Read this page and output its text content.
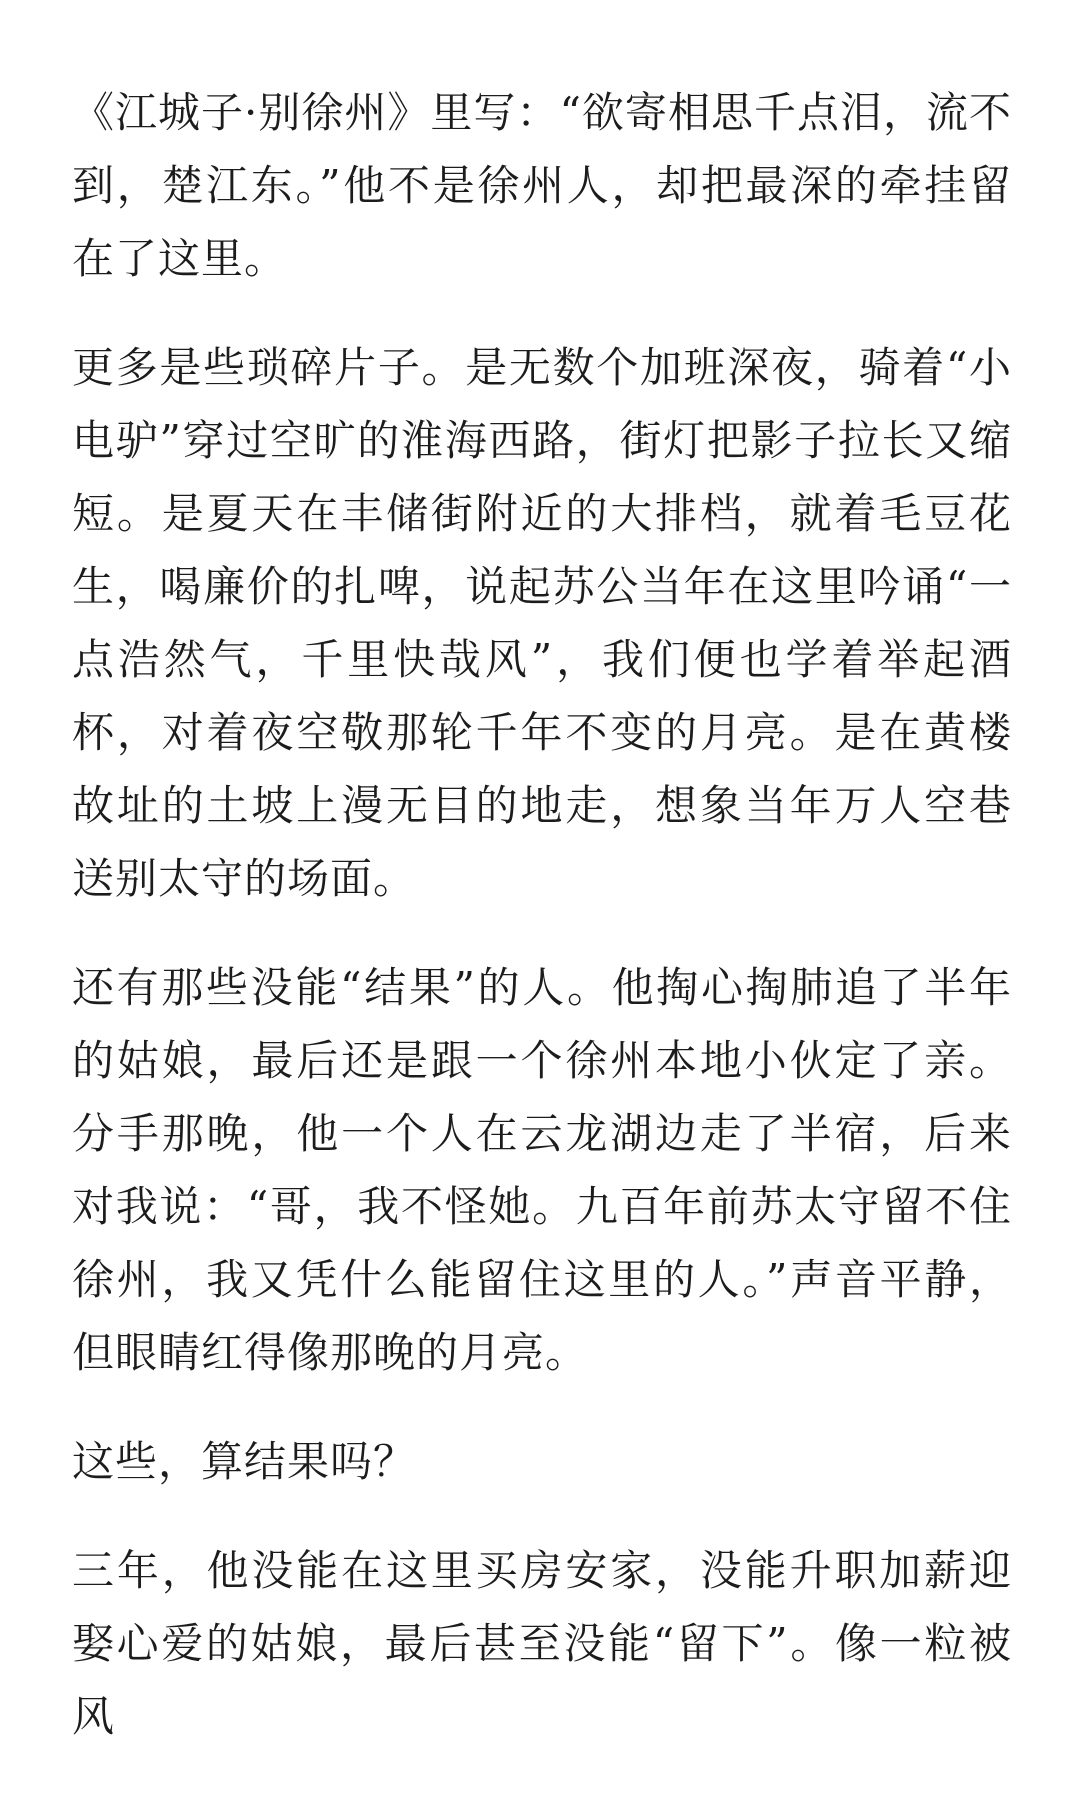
《江城子·别徐州》里写：“欲寄相思千点泪，流不到，楚江东。”他不是徐州人，却把最深的牵挂留在了这里。

更多是些琐碎片子。是无数个加班深夜，骑着“小电驴”穿过空旷的淮海西路，街灯把影子拉长又缩短。是夏天在丰储街附近的大排档，就着毛豆花生，喝廉价的扎啤，说起苏公当年在这里吟诵“一点浩然气，千里快哉风”，我们便也学着举起酒杯，对着夜空敬那轮千年不变的月亮。是在黄楼故址的土坡上漫无目的地走，想象当年万人空巷送别太守的场面。

还有那些没能“结果”的人。他掏心掏肺追了半年的姑娘，最后还是跟一个徐州本地小伙定了亲。分手那晚，他一个人在云龙湖边走了半宿，后来对我说：“哥，我不怪她。九百年前苏太守留不住徐州，我又凭什么能留住这里的人。”声音平静，但眼睛红得像那晚的月亮。

这些，算结果吗？

三年，他没能在这里买房安家，没能升职加薪迎娶心爱的姑娘，最后甚至没能“留下”。像一粒被风
